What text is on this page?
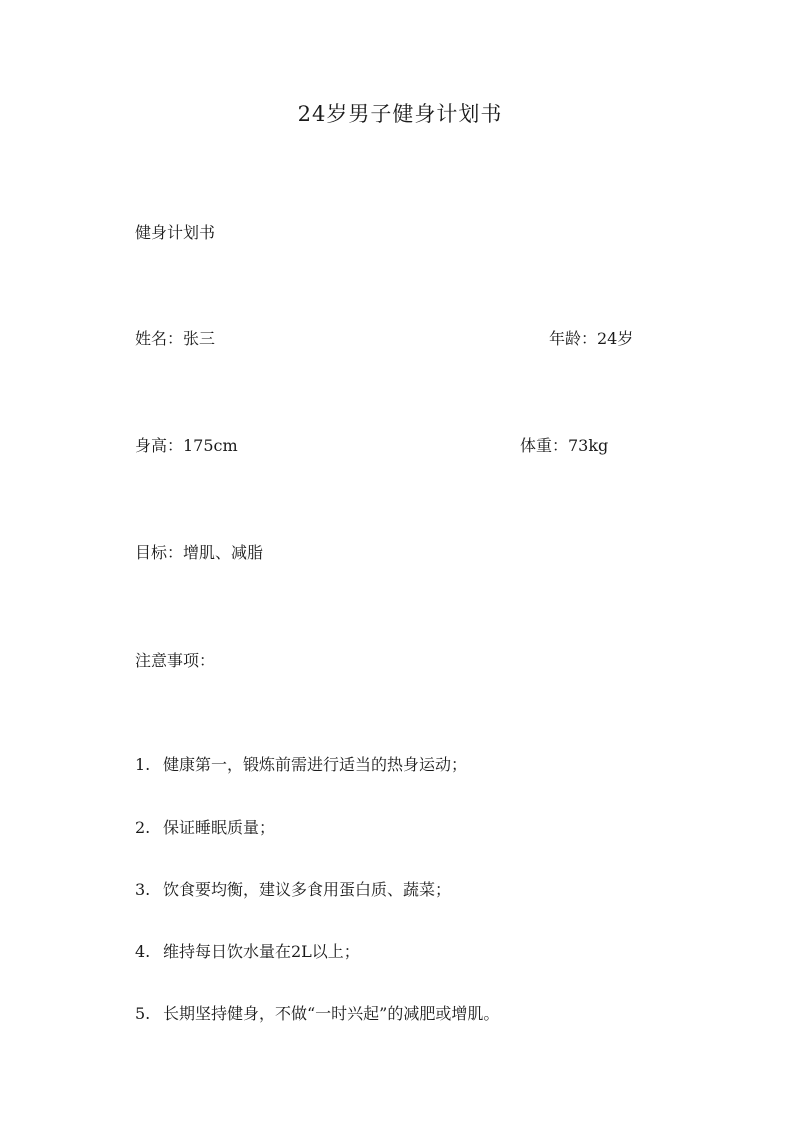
24岁男子健身计划书
健身计划书
姓名：张三	年龄：24岁
身高：175cm	体重：73kg
目标：增肌、减脂
注意事项：
1. 健康第一，锻炼前需进行适当的热身运动；
2. 保证睡眠质量；
3. 饮食要均衡，建议多食用蛋白质、蔬菜；
4. 维持每日饮水量在2L以上；
5. 长期坚持健身，不做“一时兴起”的减肥或增肌。
